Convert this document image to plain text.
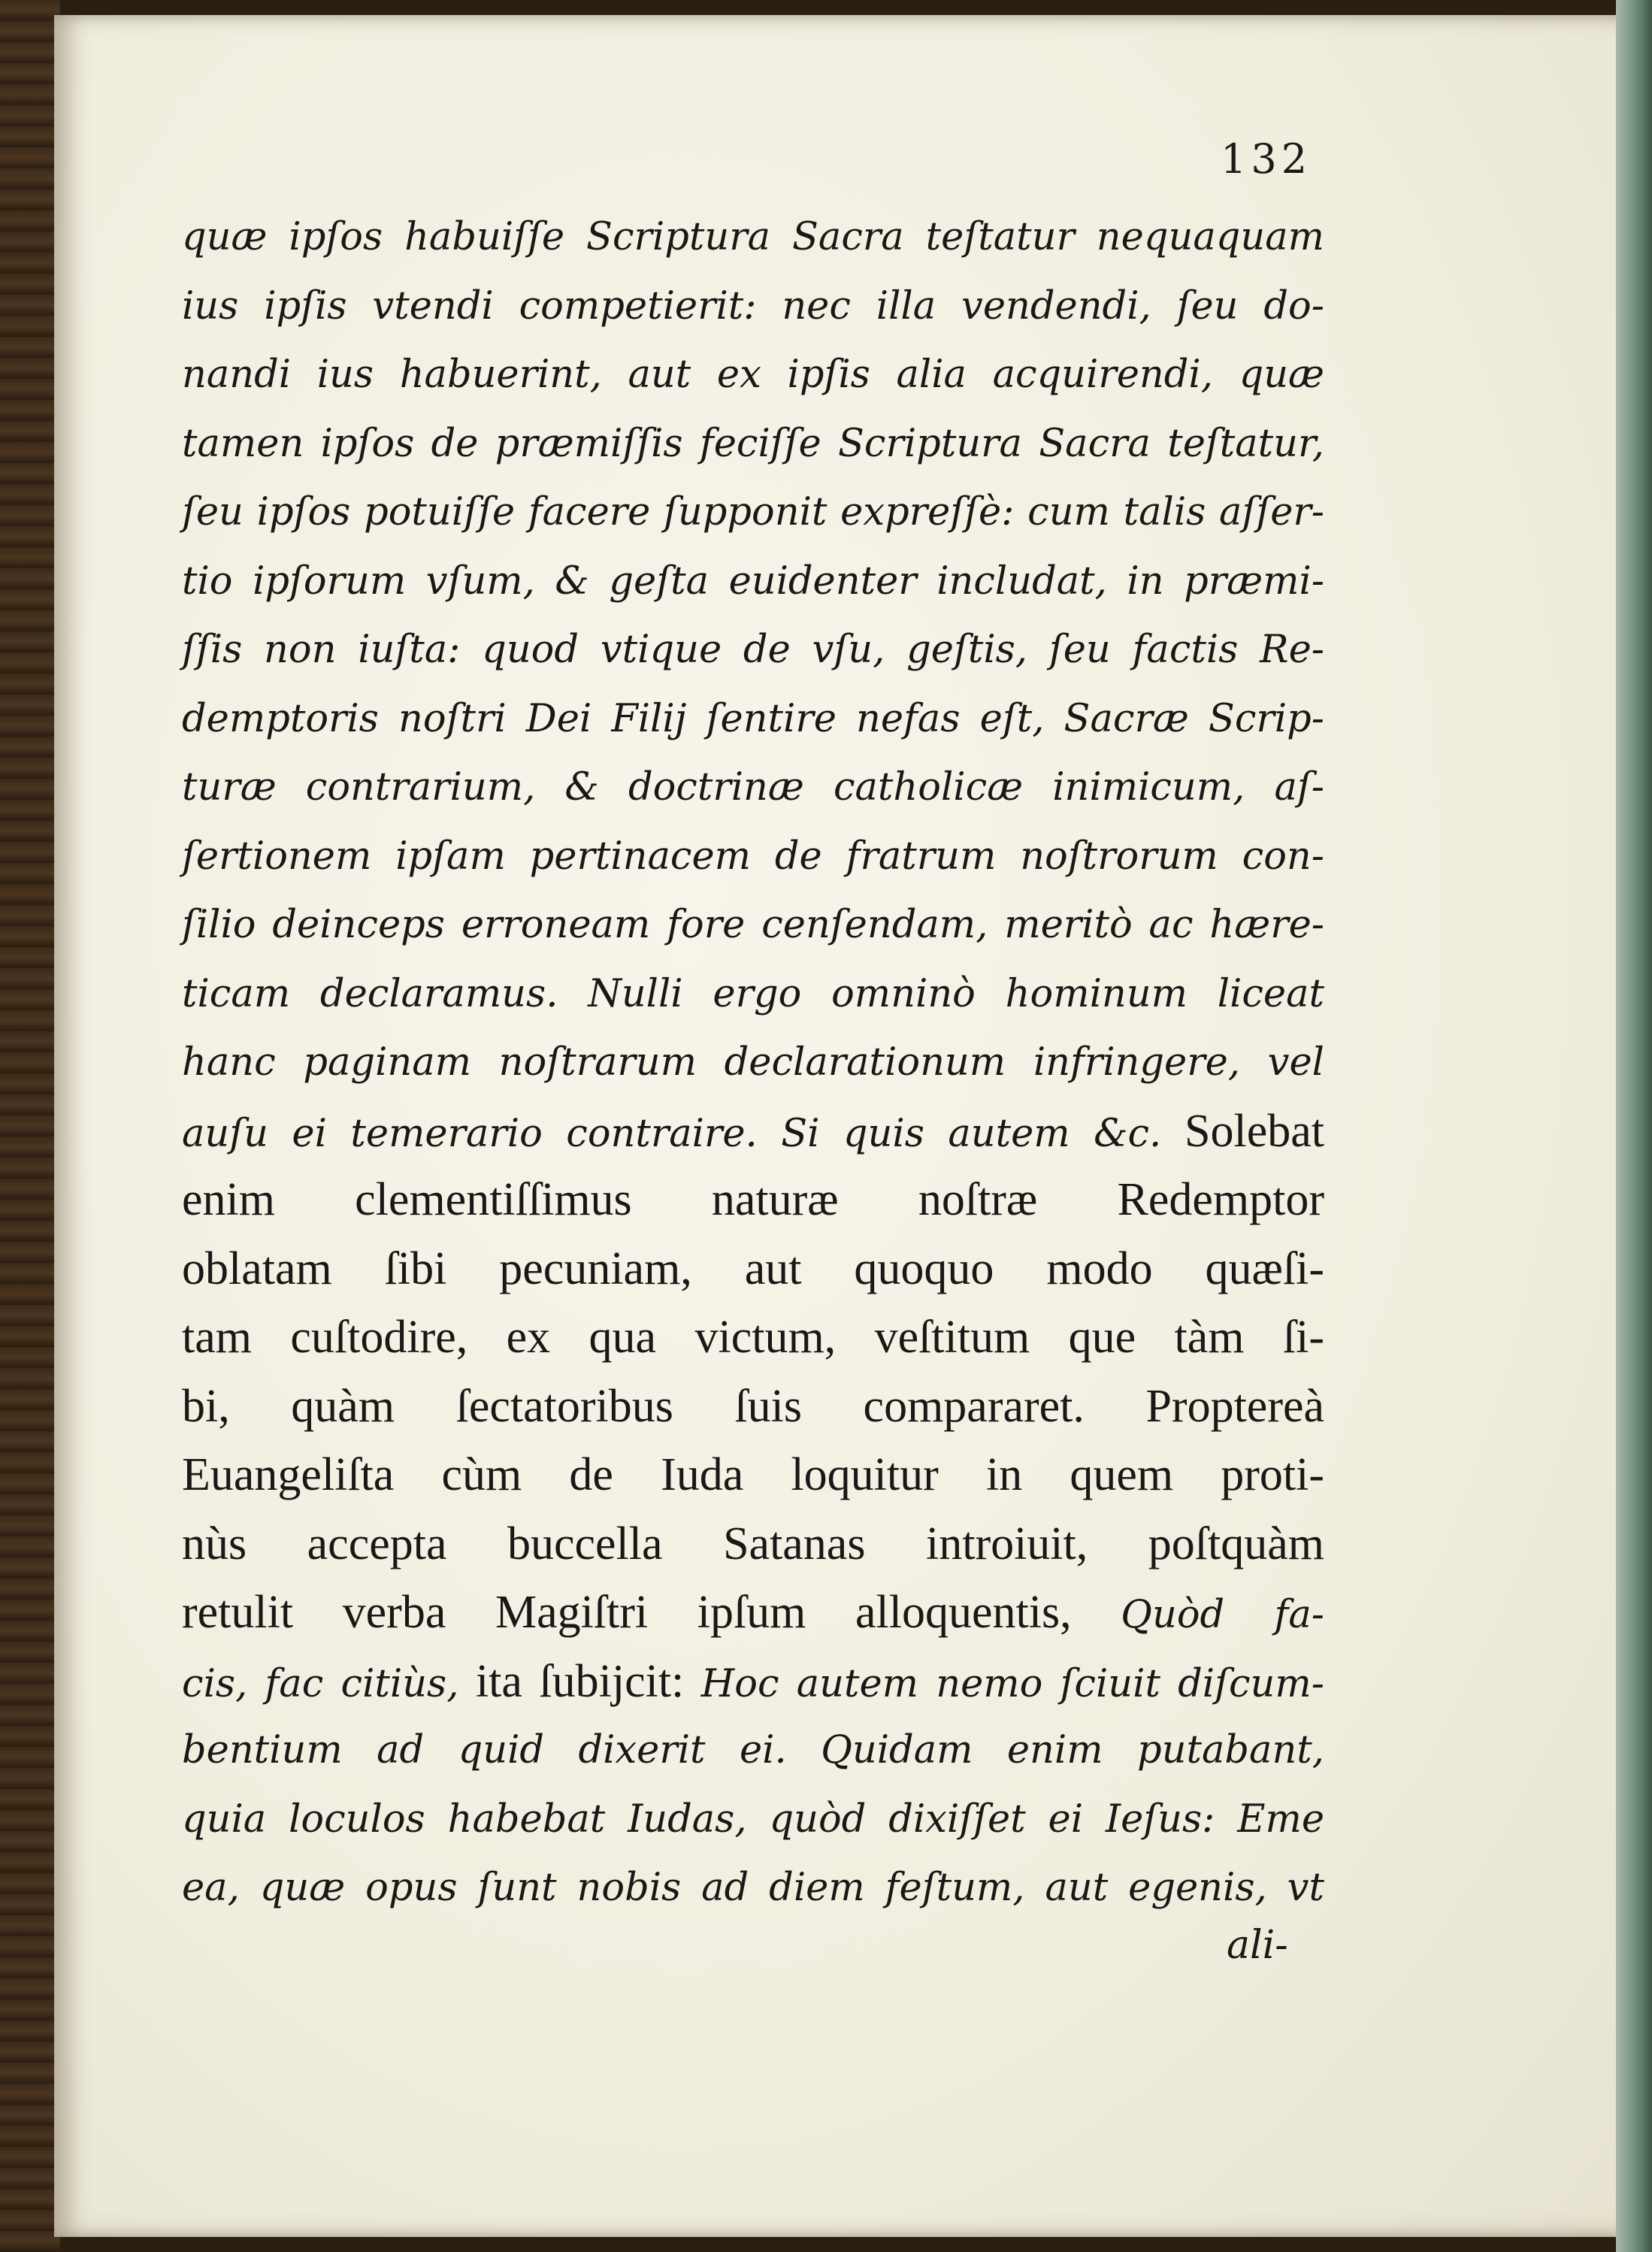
132
quæ ipſos habuiſſe Scriptura Sacra teſtatur nequaquam
ius ipſis vtendi competierit: nec illa vendendi, ſeu do-
nandi ius habuerint, aut ex ipſis alia acquirendi, quæ
tamen ipſos de præmiſſis feciſſe Scriptura Sacra teſtatur,
ſeu ipſos potuiſſe facere ſupponit expreſſè: cum talis aſſer-
tio ipſorum vſum, & geſta euidenter includat, in præmi-
ſſis non iuſta: quod vtique de vſu, geſtis, ſeu factis Re-
demptoris noſtri Dei Filij ſentire nefas eſt, Sacræ Scrip-
turæ contrarium, & doctrinæ catholicæ inimicum, aſ-
ſertionem ipſam pertinacem de fratrum noſtrorum con-
ſilio deinceps erroneam fore cenſendam, meritò ac hære-
ticam declaramus. Nulli ergo omninò hominum liceat
hanc paginam noſtrarum declarationum infringere, vel
auſu ei temerario contraire. Si quis autem &c. Solebat
enim clementiſſimus naturæ noſtræ Redemptor
oblatam ſibi pecuniam, aut quoquo modo quæſi-
tam cuſtodire, ex qua victum, veſtitum que tàm ſi-
bi, quàm ſectatoribus ſuis compararet. Proptereà
Euangeliſta cùm de Iuda loquitur in quem proti-
nùs accepta buccella Satanas introiuit, poſtquàm
retulit verba Magiſtri ipſum alloquentis, Quòd fa-
cis, fac citiùs, ita ſubijcit: Hoc autem nemo ſciuit diſcum-
bentium ad quid dixerit ei. Quidam enim putabant,
quia loculos habebat Iudas, quòd dixiſſet ei Ieſus: Eme
ea, quæ opus ſunt nobis ad diem feſtum, aut egenis, vt
ali-
